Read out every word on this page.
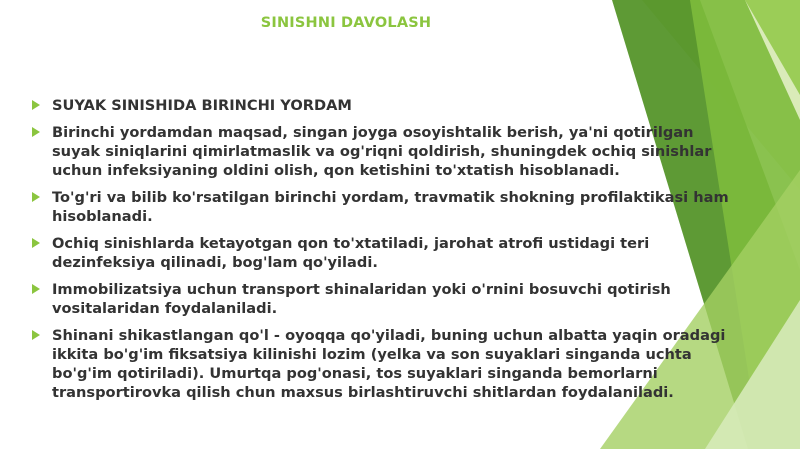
SINISHNI DAVOLASH
SUYAK SINISHIDA BIRINCHI YORDAM
Birinchi yordamdan maqsad, singan joyga osoyishtalik berish, ya'ni qotirilgan suyak siniqlarini qimirlatmaslik va og'riqni qoldirish, shuningdek ochiq sinishlar uchun infeksiyaning oldini olish, qon ketishini to'xtatish hisoblanadi.
To'g'ri va bilib ko'rsatilgan birinchi yordam, travmatik shokning profilaktikasi ham hisoblanadi.
Ochiq sinishlarda ketayotgan qon to'xtatiladi, jarohat atrofi ustidagi teri dezinfeksiya qilinadi, bog'lam qo'yiladi.
Immobilizatsiya uchun transport shinalaridan yoki o'rnini bosuvchi qotirish vositalaridan foydalaniladi.
Shinani shikastlangan qo'l - oyoqqa qo'yiladi, buning uchun albatta yaqin oradagi ikkita bo'g'im fiksatsiya kilinishi lozim (yelka va son suyaklari singanda uchta bo'g'im qotiriladi). Umurtqa pog'onasi, tos suyaklari singanda bemorlarni transportirovka qilish chun maxsus birlashtiruvchi shitlardan foydalaniladi.
